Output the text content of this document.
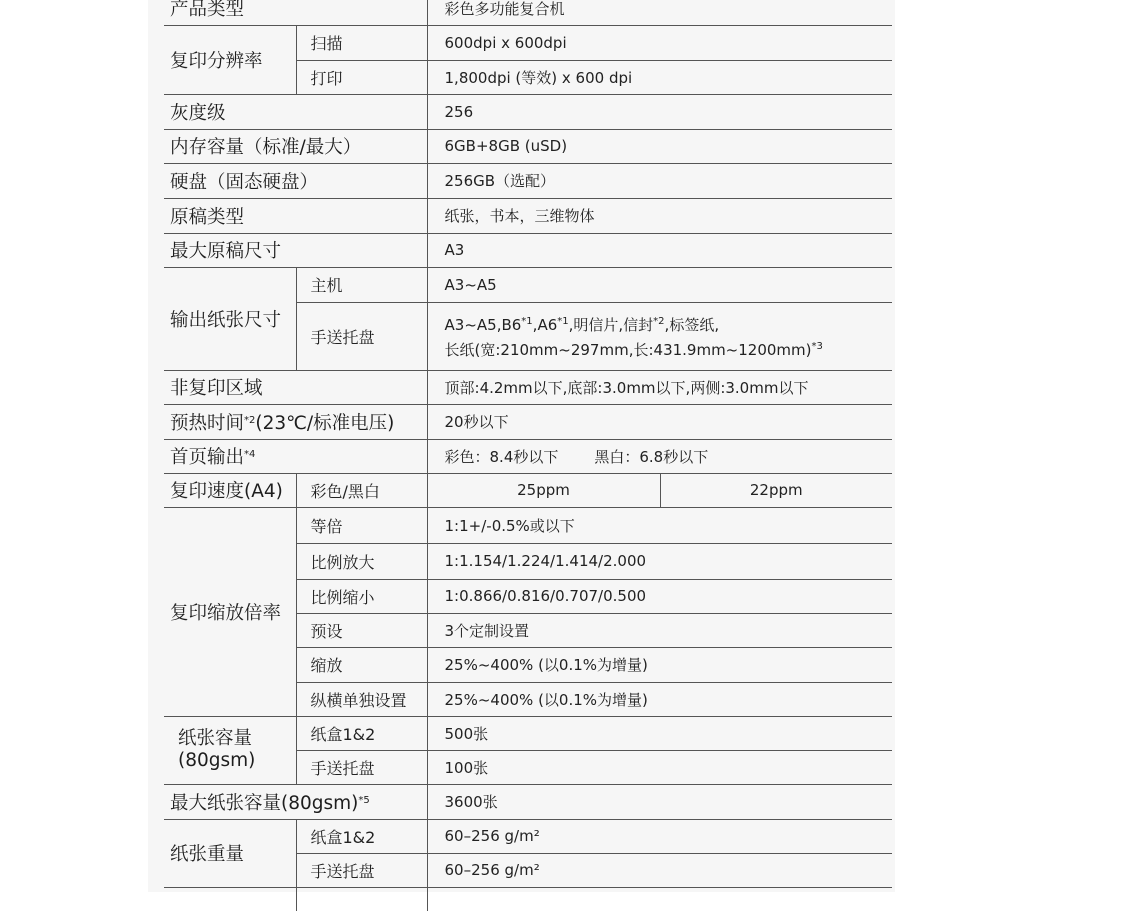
产品类型		彩色多功能复合机	
复印分辨率	扫描	600dpi x 600dpi	
	打印	1,800dpi (等效) x 600 dpi	
灰度级		256	
内存容量（标准/最大）		6GB+8GB (uSD)	
硬盘（固态硬盘）		256GB（选配）	
原稿类型		纸张，书本，三维物体	
最大原稿尺寸		A3	
输出纸张尺寸	主机	A3~A5	
	手送托盘	A3~A5,B6$^{*1}$,A6$^{*1}$,明信片,信封$^{*2}$,标签纸,
长纸(宽:210mm~297mm,长:431.9mm~1200mm)$^{*3}$
非复印区域		顶部:4.2mm以下,底部:3.0mm以下,两侧:3.0mm以下	
预热时间$^{*2}$(23℃/标准电压)		20秒以下	
首页输出$^{*4}$		彩色：8.4秒以下 黑白：6.8秒以下	
复印速度(A4)	彩色/黑白	25ppm	22ppm
复印缩放倍率	等倍	1:1+/-0.5%或以下	
	比例放大	1:1.154/1.224/1.414/2.000	
	比例缩小	1:0.866/0.816/0.707/0.500	
	预设	3个定制设置	
	缩放	25%~400% (以0.1%为增量)	
	纵横单独设置	25%~400% (以0.1%为增量)	
纸张容量
(80gsm)	纸盒1&2	500张	
	手送托盘	100张	
最大纸张容量$(80gsm)^{*5}$		3600张	
纸张重量	纸盒1&2	60–256 g/m²	
	手送托盘	60–256 g/m²	
